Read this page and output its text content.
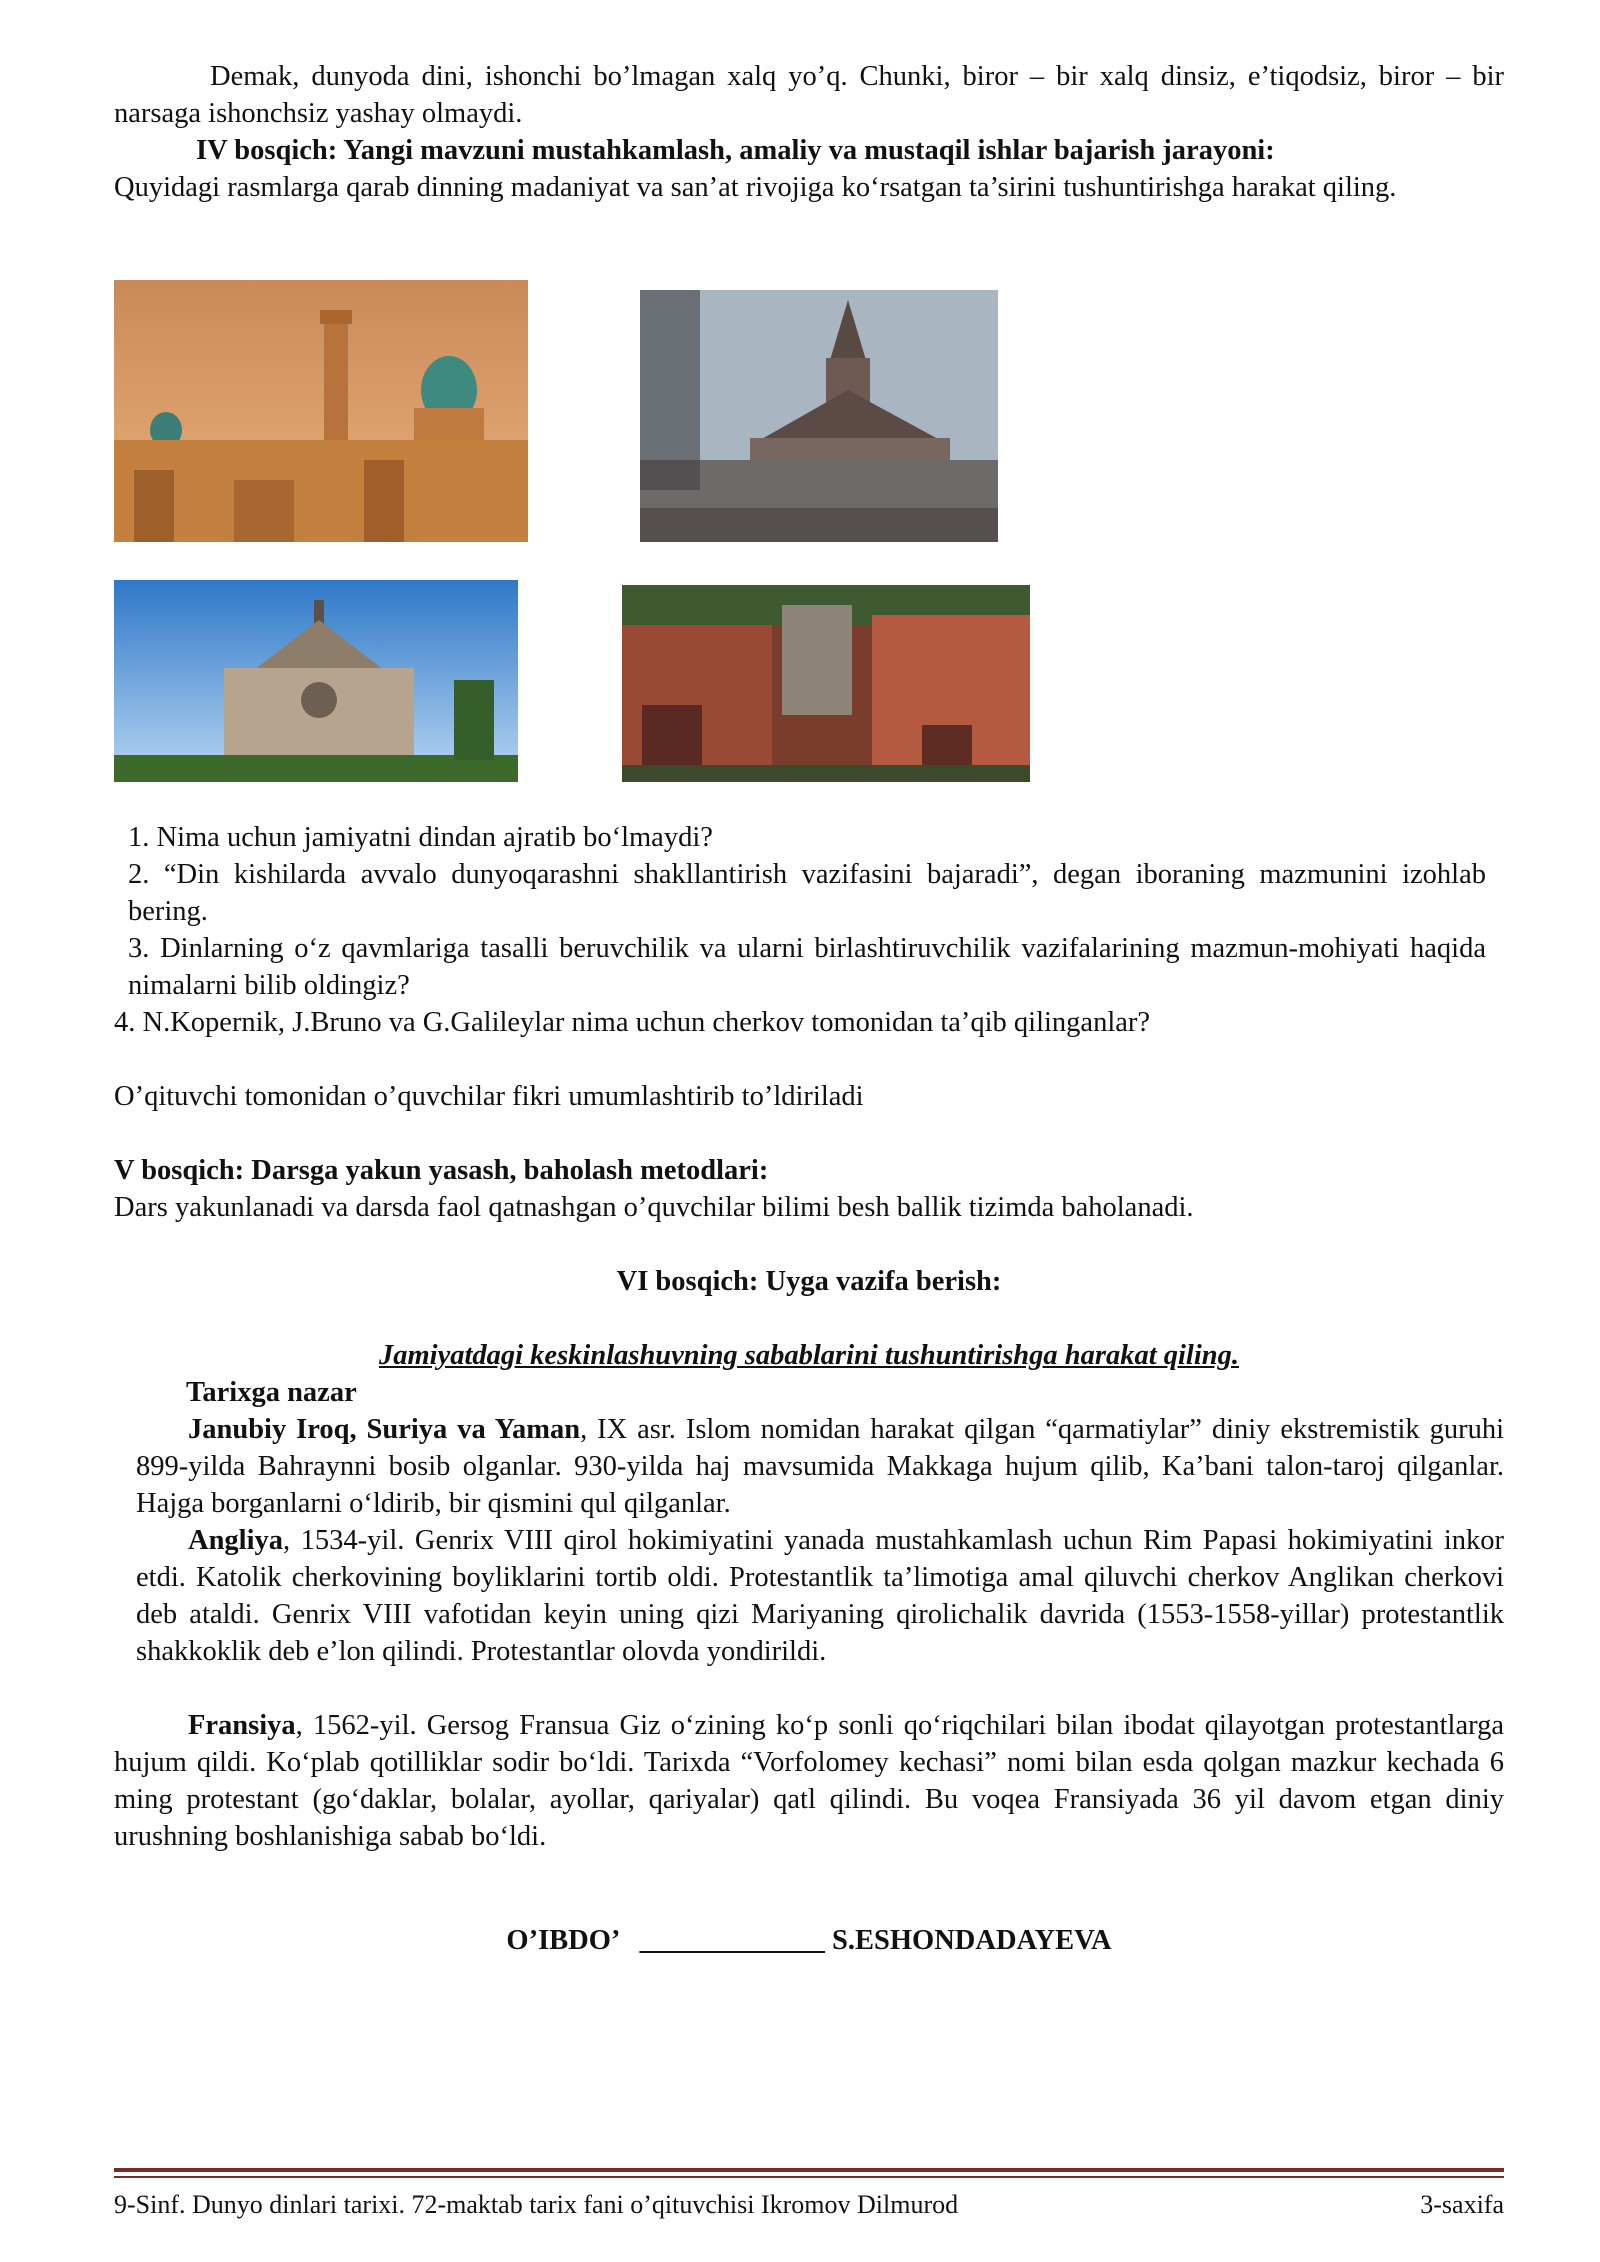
Demak, dunyoda dini, ishonchi bo’lmagan xalq yo’q. Chunki, biror – bir xalq dinsiz, e’tiqodsiz, biror – bir narsaga ishonchsiz yashay olmaydi.

IV bosqich: Yangi mavzuni mustahkamlash, amaliy va mustaqil ishlar bajarish jarayoni:

Quyidagi rasmlarga qarab dinning madaniyat va san’at rivojiga ko‘rsatgan ta’sirini tushuntirishga harakat qiling.

1. Nima uchun jamiyatni dindan ajratib bo‘lmaydi?

2. “Din kishilarda avvalo dunyoqarashni shakllantirish vazifasini bajaradi”, degan iboraning mazmunini izohlab bering.

3. Dinlarning o‘z qavmlariga tasalli beruvchilik va ularni birlashtiruvchilik vazifalarining mazmun-mohiyati haqida nimalarni bilib oldingiz?

4. N.Kopernik, J.Bruno va G.Galileylar nima uchun cherkov tomonidan ta’qib qilinganlar?

O’qituvchi tomonidan o’quvchilar fikri umumlashtirib to’ldiriladi

V bosqich: Darsga yakun yasash, baholash metodlari:

Dars yakunlanadi va darsda faol qatnashgan o’quvchilar bilimi besh ballik tizimda baholanadi.

VI bosqich: Uyga vazifa berish:

Jamiyatdagi keskinlashuvning sabablarini tushuntirishga harakat qiling.

Tarixga nazar

Janubiy Iroq, Suriya va Yaman, IX asr. Islom nomidan harakat qilgan “qarmatiylar” diniy ekstremistik guruhi 899-yilda Bahraynni bosib olganlar. 930-yilda haj mavsumida Makkaga hujum qilib, Ka’bani talon-taroj qilganlar. Hajga borganlarni o‘ldirib, bir qismini qul qilganlar.

Angliya, 1534-yil. Genrix VIII qirol hokimiyatini yanada mustahkamlash uchun Rim Papasi hokimiyatini inkor etdi. Katolik cherkovining boyliklarini tortib oldi. Protestantlik ta’limotiga amal qiluvchi cherkov Anglikan cherkovi deb ataldi. Genrix VIII vafotidan keyin uning qizi Mariyaning qirolichalik davrida (1553-1558-yillar) protestantlik shakkoklik deb e’lon qilindi. Protestantlar olovda yondirildi.

Fransiya, 1562-yil. Gersog Fransua Giz o‘zining ko‘p sonli qo‘riqchilari bilan ibodat qilayotgan protestantlarga hujum qildi. Ko‘plab qotilliklar sodir bo‘ldi. Tarixda “Vorfolomey kechasi” nomi bilan esda qolgan mazkur kechada 6 ming protestant (go‘daklar, bolalar, ayollar, qariyalar) qatl qilindi. Bu voqea Fransiyada 36 yil davom etgan diniy urushning boshlanishiga sabab bo‘ldi.

O’IBDO’ _____________ S.ESHONDADAYEVA
9-Sinf. Dunyo dinlari tarixi. 72-maktab tarix fani o’qituvchisi Ikromov Dilmurod	3-saxifa
